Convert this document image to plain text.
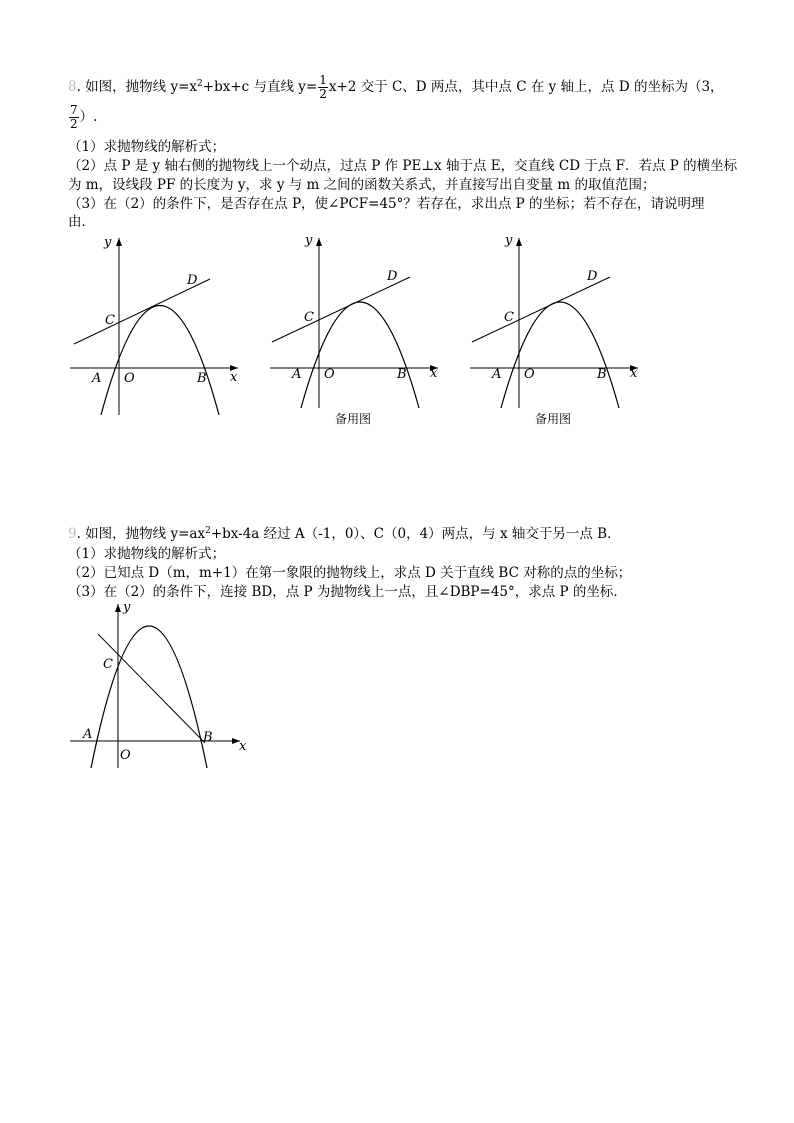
8. 如图，抛物线 $y=x^2+bx+c$ 与直线 $y= \frac{1}{2} x+2$ 交于 C、D 两点，其中点 C 在 y 轴上，点 D 的坐标为（3，
$\frac{7}{2}$ ）.
（1）求抛物线的解析式；
（2）点 P 是 y 轴右侧的抛物线上一个动点，过点 P 作 PE⊥x 轴于点 E，交直线 CD 于点 F．若点 P 的横坐标
为 m，设线段 PF 的长度为 y，求 y 与 m 之间的函数关系式，并直接写出自变量 m 的取值范围；
（3）在（2）的条件下，是否存在点 P，使∠PCF=45°？若存在，求出点 P 的坐标；若不存在，请说明理
由．
y
x
C
D
A O	B
y
x
C
D
A O	B
备用图
y
x
C
D
A O	B
备用图
9. 如图，抛物线 $y=ax^2+bx-4a$ 经过 A（-1，0）、C（0，4）两点，与 x 轴交于另一点 B．
（1）求抛物线的解析式；
（2）已知点 D（m，m+1）在第一象限的抛物线上，求点 D 关于直线 BC 对称的点的坐标；
（3）在（2）的条件下，连接 BD，点 P 为抛物线上一点，且∠DBP=45°，求点 P 的坐标．
y
x
C
A
O
B
